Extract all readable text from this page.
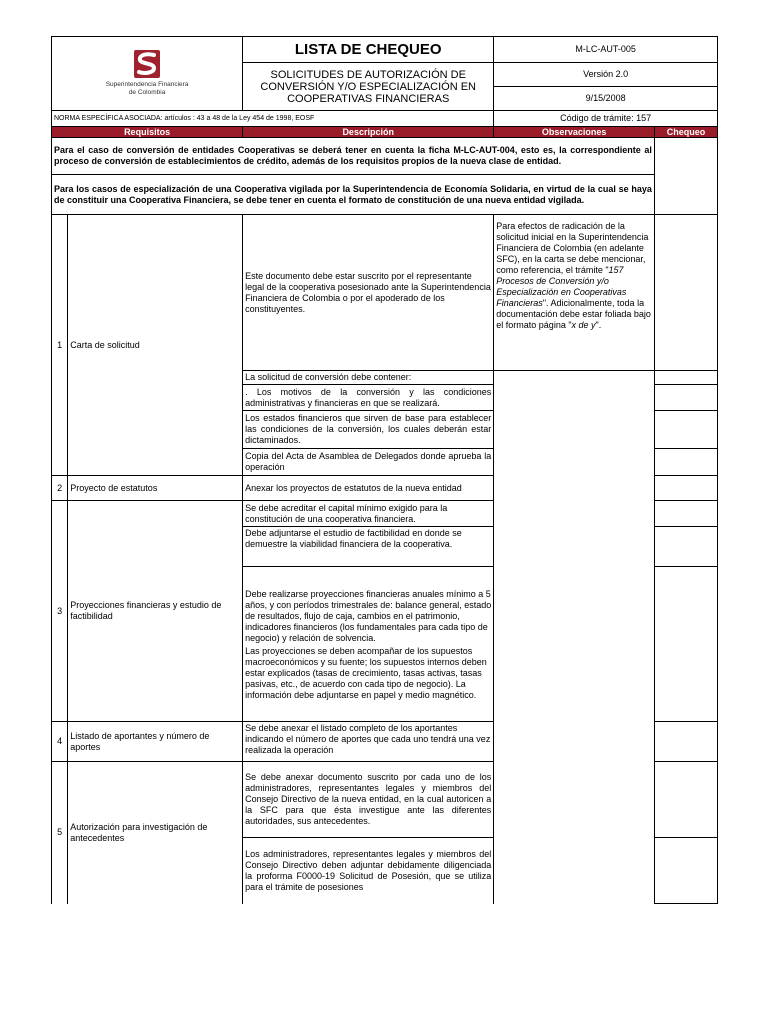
Superintendencia Financiera
de Colombia		LISTA DE CHEQUEO	M-LC-AUT-005	
		SOLICITUDES DE AUTORIZACIÓN DE CONVERSIÓN Y/O ESPECIALIZACIÓN EN COOPERATIVAS FINANCIERAS	Versión 2.0	
			9/15/2008	
NORMA ESPECÍFICA ASOCIADA: artículos : 43 a 48 de la Ley 454 de 1998, EOSF			Código de trámite: 157	
Requisitos		Descripción	Observaciones	Chequeo
Para el caso de conversión de entidades Cooperativas se deberá tener en cuenta la ficha M-LC-AUT-004, esto es, la correspondiente al proceso de conversión de establecimientos de crédito, además de los requisitos propios de la nueva clase de entidad.				
Para los casos de especialización de una Cooperativa vigilada por la Superintendencia de Economía Solidaria, en virtud de la cual se haya de constituir una Cooperativa Financiera, se debe tener en cuenta el formato de constitución de una nueva entidad vigilada.				
1	Carta de solicitud	Este documento debe estar suscrito por el representante legal de la cooperativa posesionado ante la Superintendencia Financiera de Colombia o por el apoderado de los constituyentes.	Para efectos de radicación de la solicitud inicial en la Superintendencia Financiera de Colombia (en adelante SFC), en la carta se debe mencionar, como referencia, el trámite "157 Procesos de Conversión y/o Especialización en Cooperativas Financieras". Adicionalmente, toda la documentación debe estar foliada bajo el formato página "x de y".	
		La solicitud de conversión debe contener:		
		. Los motivos de la conversión y las condiciones administrativas y financieras en que se realizará.		
		Los estados financieros que sirven de base para establecer las condiciones de la conversión, los cuales deberán estar dictaminados.		
		Copia del Acta de Asamblea de Delegados donde aprueba la operación		
2	Proyecto de estatutos	Anexar los proyectos de estatutos de la nueva entidad		
3	Proyecciones financieras y estudio de factibilidad	Se debe acreditar el capital mínimo exigido para la constitución de una cooperativa financiera.		
		Debe adjuntarse el estudio de factibilidad en donde se demuestre la viabilidad financiera de la cooperativa.		
		Debe realizarse proyecciones financieras anuales mínimo a 5 años, y con períodos trimestrales de: balance general, estado de resultados, flujo de caja, cambios en el patrimonio, indicadores financieros (los fundamentales para cada tipo de negocio) y relación de solvencia.		
		Las proyecciones se deben acompañar de los supuestos macroeconómicos y su fuente; los supuestos internos deben estar explicados (tasas de crecimiento, tasas activas, tasas pasivas, etc., de acuerdo con cada tipo de negocio). La información debe adjuntarse en papel y medio magnético.		
4	Listado de aportantes y número de aportes	Se debe anexar el listado completo de los aportantes indicando el número de aportes que cada uno tendrá una vez realizada la operación		
5	Autorización para investigación de antecedentes	Se debe anexar documento suscrito por cada uno de los administradores, representantes legales y miembros del Consejo Directivo de la nueva entidad, en la cual autoricen a la SFC para que ésta investigue ante las diferentes autoridades, sus antecedentes.		
		Los administradores, representantes legales y miembros del Consejo Directivo deben adjuntar debidamente diligenciada la proforma F0000-19 Solicitud de Posesión, que se utiliza para el trámite de posesiones		
